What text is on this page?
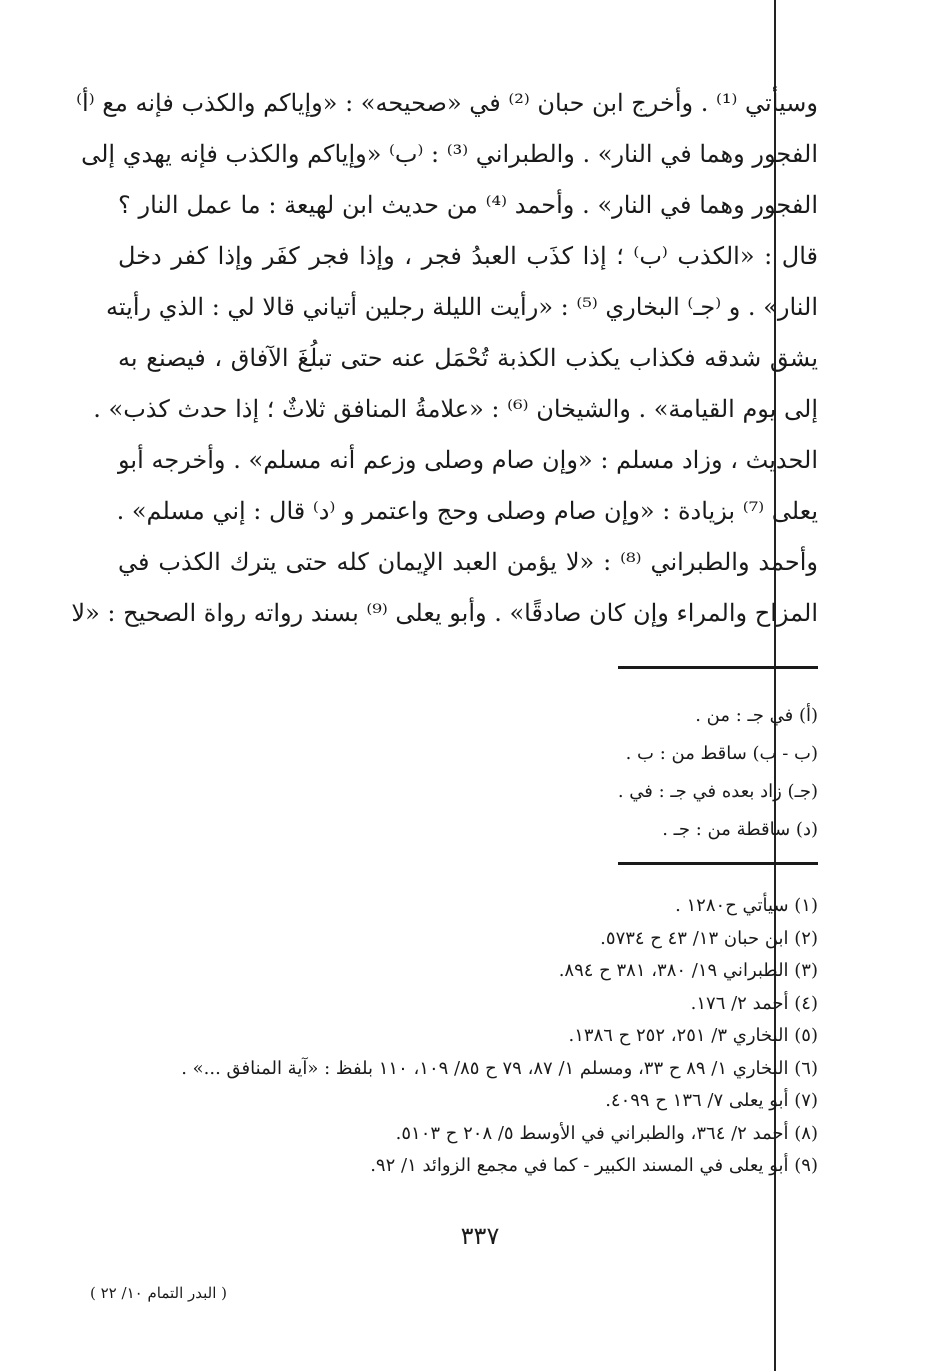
وسيأتي ⁽¹⁾ . وأخرج ابن حبان ⁽²⁾ في «صحيحه» : «وإياكم والكذب فإنه مع ⁽أ⁾
الفجور وهما في النار» . والطبراني ⁽³⁾ : ⁽ب⁾ «وإياكم والكذب فإنه يهدي إلى
الفجور وهما في النار» . وأحمد ⁽⁴⁾ من حديث ابن لهيعة : ما عمل النار ؟
قال : «الكذب ⁽ب⁾ ؛ إذا كذَب العبدُ فجر ، وإذا فجر كفَر وإذا كفر دخل
النار» . و ⁽جـ⁾ البخاري ⁽⁵⁾ : «رأيت الليلة رجلين أتياني قالا لي : الذي رأيته
يشق شدقه فكذاب يكذب الكذبة تُحْمَل عنه حتى تبلُغَ الآفاق ، فيصنع به
إلى يوم القيامة» . والشيخان ⁽⁶⁾ : «علامةُ المنافق ثلاثٌ ؛ إذا حدث كذب» .
الحديث ، وزاد مسلم : «وإن صام وصلى وزعم أنه مسلم» . وأخرجه أبو
يعلى ⁽⁷⁾ بزيادة : «وإن صام وصلى وحج واعتمر و ⁽د⁾ قال : إني مسلم» .
وأحمد والطبراني ⁽⁸⁾ : «لا يؤمن العبد الإيمان كله حتى يترك الكذب في
المزاح والمراء وإن كان صادقًا» . وأبو يعلى ⁽⁹⁾ بسند رواته رواة الصحيح : «لا
(أ) في جـ : من .
(ب - ب) ساقط من : ب .
(جـ) زاد بعده في جـ : في .
(د) ساقطة من : جـ .
(١) سيأتي ح١٢٨٠ .
(٢) ابن حبان ١٣/ ٤٣ ح ٥٧٣٤.
(٣) الطبراني ١٩/ ٣٨٠، ٣٨١ ح ٨٩٤.
(٤) أحمد ٢/ ١٧٦.
(٥) البخاري ٣/ ٢٥١، ٢٥٢ ح ١٣٨٦.
(٦) البخاري ١/ ٨٩ ح ٣٣، ومسلم ١/ ٨٧، ٧٩ ح ٨٥/ ١٠٩، ١١٠ بلفظ : «آية المنافق ...» .
(٧) أبو يعلى ٧/ ١٣٦ ح ٤٠٩٩.
(٨) أحمد ٢/ ٣٦٤، والطبراني في الأوسط ٥/ ٢٠٨ ح ٥١٠٣.
(٩) أبو يعلى في المسند الكبير - كما في مجمع الزوائد ١/ ٩٢.
٣٣٧
( البدر التمام ١٠/ ٢٢ )
